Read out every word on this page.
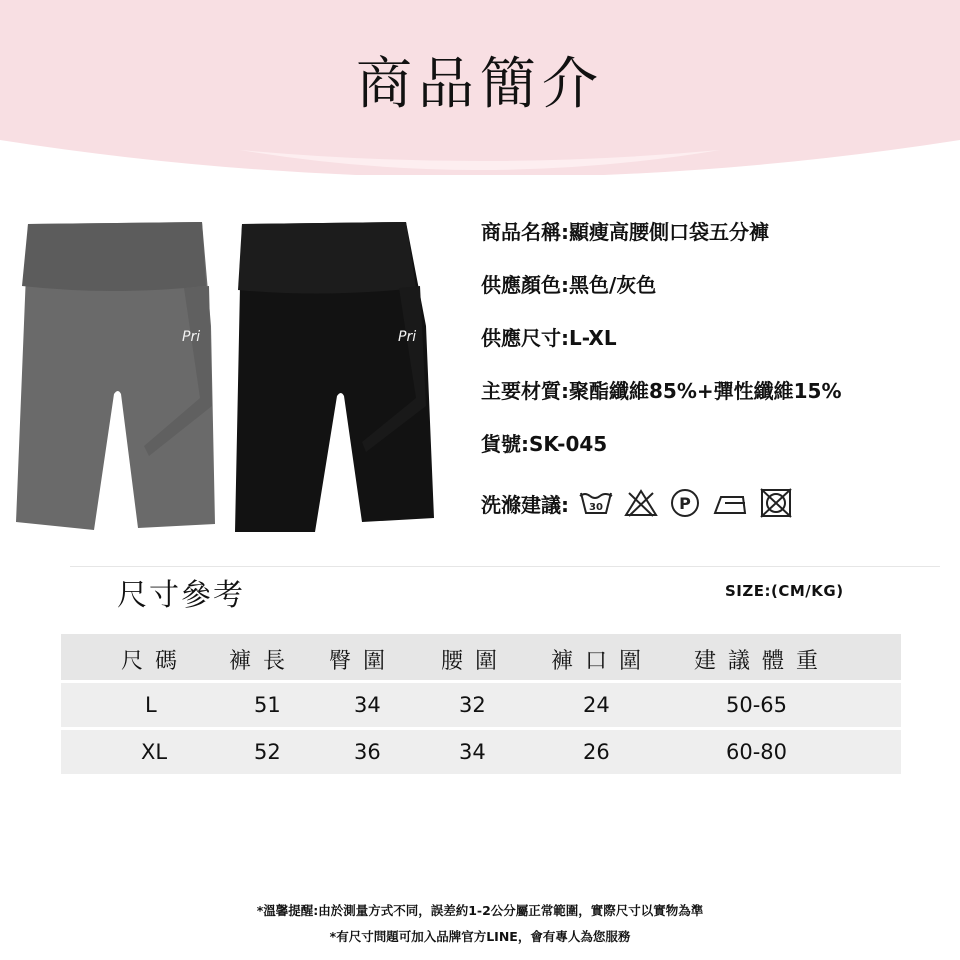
商品簡介
Pri	Pri
商品名稱:顯瘦高腰側口袋五分褲
供應顏色:黑色/灰色
供應尺寸:L-XL
主要材質:聚酯纖維85%+彈性纖維15%
貨號:SK-045
洗滌建議: 30	P
尺寸參考	SIZE:(CM/KG)
尺碼 褲長 臀圍 腰圍 褲口圍 建議體重
L	51	34	32	24	50-65
XL	52	36	34	26	60-80
*溫馨提醒:由於測量方式不同，誤差約1-2公分屬正常範圍，實際尺寸以實物為準
*有尺寸問題可加入品牌官方LINE，會有專人為您服務
